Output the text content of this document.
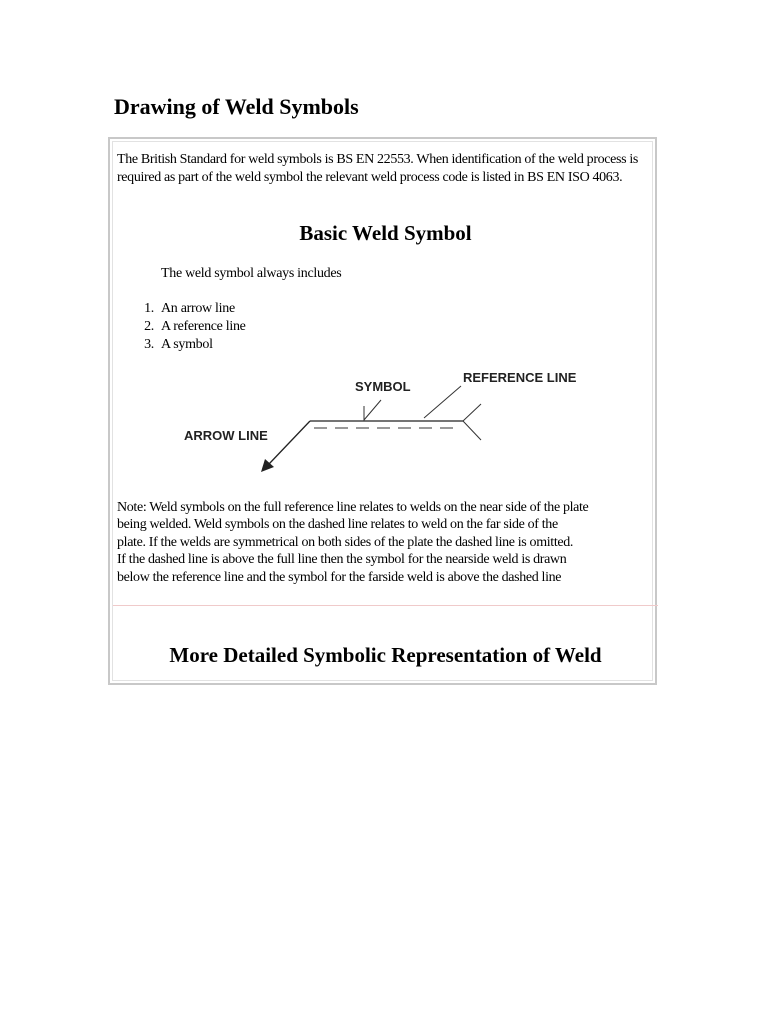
Drawing of Weld Symbols

The British Standard for weld symbols is BS EN 22553. When identification of the weld process is required as part of the weld symbol the relevant weld process code is listed in BS EN ISO 4063.

Basic Weld Symbol

The weld symbol always includes

1. An arrow line
2. A reference line
3. A symbol
SYMBOL
REFERENCE LINE
ARROW LINE

Note: Weld symbols on the full reference line relates to welds on the near side of the plate
being welded. Weld symbols on the dashed line relates to weld on the far side of the
plate. If the welds are symmetrical on both sides of the plate the dashed line is omitted.
If the dashed line is above the full line then the symbol for the nearside weld is drawn
below the reference line and the symbol for the farside weld is above the dashed line

More Detailed Symbolic Representation of Weld
